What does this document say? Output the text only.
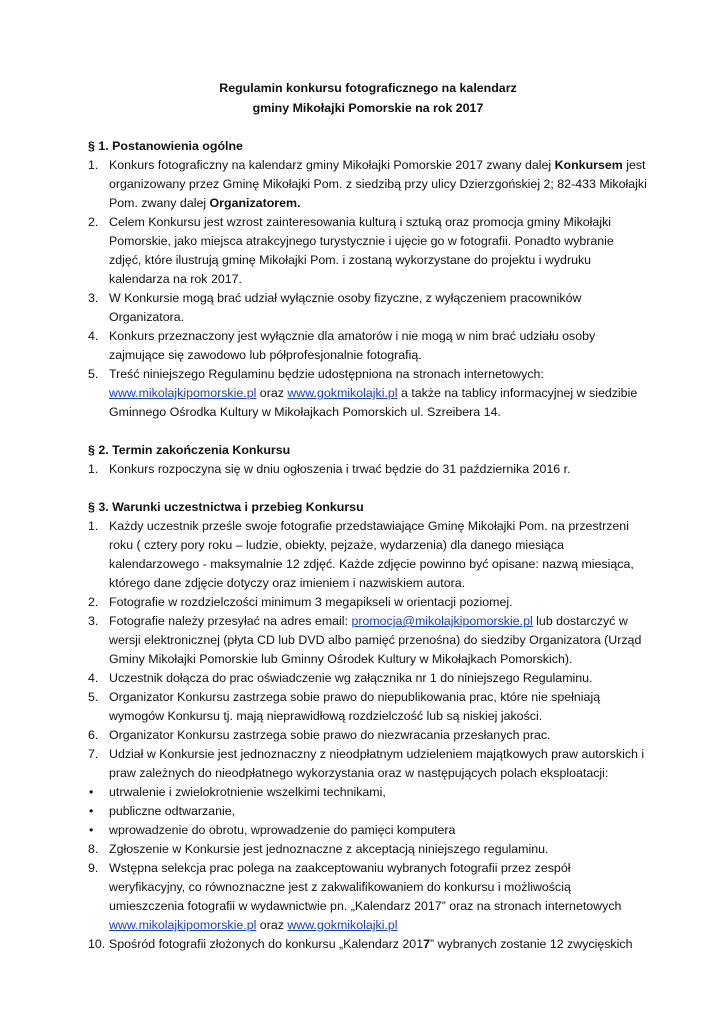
Regulamin konkursu fotograficznego na kalendarz
gminy Mikołajki Pomorskie na rok 2017
§ 1. Postanowienia ogólne
1. Konkurs fotograficzny na kalendarz gminy Mikołajki Pomorskie 2017 zwany dalej Konkursem jest organizowany przez Gminę Mikołajki Pom. z siedzibą przy ulicy Dzierzgońskiej 2; 82-433 Mikołajki Pom. zwany dalej Organizatorem.
2. Celem Konkursu jest wzrost zainteresowania kulturą i sztuką oraz promocja gminy Mikołajki Pomorskie, jako miejsca atrakcyjnego turystycznie i ujęcie go w fotografii. Ponadto wybranie zdjęć, które ilustrują gminę Mikołajki Pom. i zostaną wykorzystane do projektu i wydruku kalendarza na rok 2017.
3. W Konkursie mogą brać udział wyłącznie osoby fizyczne, z wyłączeniem pracowników Organizatora.
4. Konkurs przeznaczony jest wyłącznie dla amatorów i nie mogą w nim brać udziału osoby zajmujące się zawodowo lub półprofesjonalnie fotografią.
5. Treść niniejszego Regulaminu będzie udostępniona na stronach internetowych: www.mikolajkipomorskie.pl oraz www.gokmikolajki.pl a także na tablicy informacyjnej w siedzibie Gminnego Ośrodka Kultury w Mikołajkach Pomorskich ul. Szreibera 14.
§ 2. Termin zakończenia Konkursu
1. Konkurs rozpoczyna się w dniu ogłoszenia i trwać będzie do 31 października 2016 r.
§ 3. Warunki uczestnictwa i przebieg Konkursu
1. Każdy uczestnik prześle swoje fotografie przedstawiające Gminę Mikołajki Pom. na przestrzeni roku ( cztery pory roku – ludzie, obiekty, pejzaże, wydarzenia) dla danego miesiąca kalendarzowego - maksymalnie 12 zdjęć. Każde zdjęcie powinno być opisane: nazwą miesiąca, którego dane zdjęcie dotyczy oraz imieniem i nazwiskiem autora.
2. Fotografie w rozdzielczości minimum 3 megapikseli w orientacji poziomej.
3. Fotografie należy przesyłać na adres email: promocja@mikolajkipomorskie.pl lub dostarczyć w wersji elektronicznej (płyta CD lub DVD albo pamięć przenośna) do siedziby Organizatora (Urząd Gminy Mikołajki Pomorskie lub Gminny Ośrodek Kultury w Mikołajkach Pomorskich).
4. Uczestnik dołącza do prac oświadczenie wg załącznika nr 1 do niniejszego Regulaminu.
5. Organizator Konkursu zastrzega sobie prawo do niepublikowania prac, które nie spełniają wymogów Konkursu tj. mają nieprawidłową rozdzielczość lub są niskiej jakości.
6. Organizator Konkursu zastrzega sobie prawo do niezwracania przesłanych prac.
7. Udział w Konkursie jest jednoznaczny z nieodpłatnym udzieleniem majątkowych praw autorskich i praw zależnych do nieodpłatnego wykorzystania oraz w następujących polach eksploatacji:
• utrwalenie i zwielokrotnienie wszelkimi technikami,
• publiczne odtwarzanie,
• wprowadzenie do obrotu, wprowadzenie do pamięci komputera
8. Zgłoszenie w Konkursie jest jednoznaczne z akceptacją niniejszego regulaminu.
9. Wstępna selekcja prac polega na zaakceptowaniu wybranych fotografii przez zespół weryfikacyjny, co równoznaczne jest z zakwalifikowaniem do konkursu i możliwością umieszczenia fotografii w wydawnictwie pn. „Kalendarz 2017” oraz na stronach internetowych www.mikolajkipomorskie.pl oraz www.gokmikolajki.pl
10. Spośród fotografii złożonych do konkursu „Kalendarz 2017” wybranych zostanie 12 zwycięskich
